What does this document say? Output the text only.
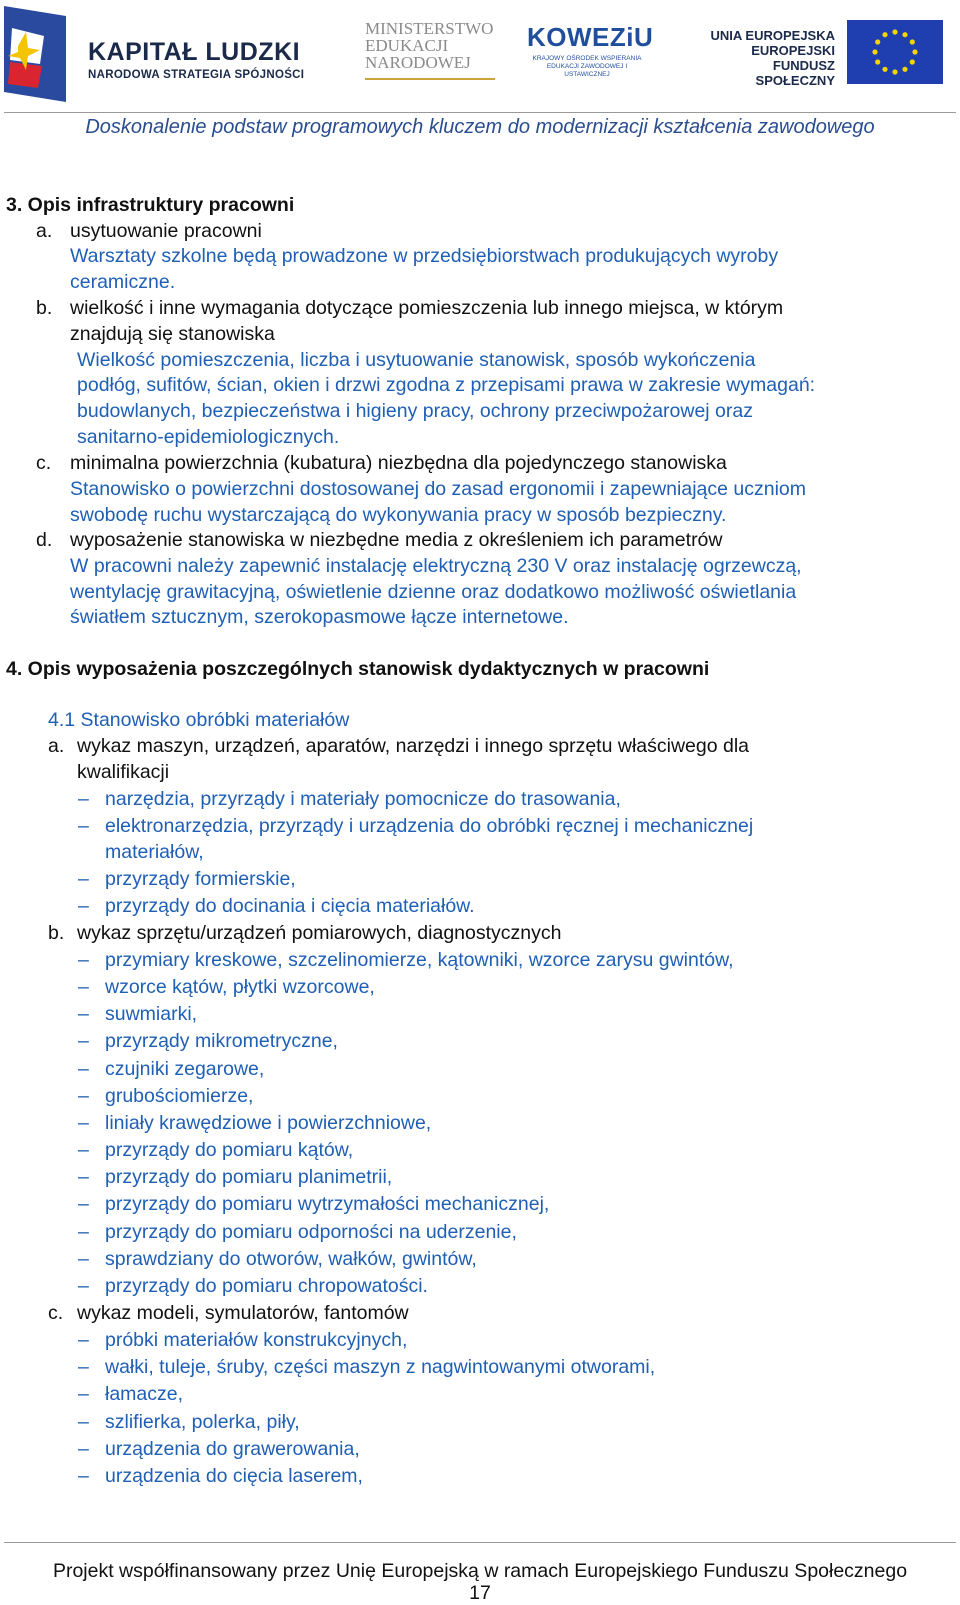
KAPITAŁ LUDZKI
NARODOWA STRATEGIA SPÓJNOŚCI
MINISTERSTWO
EDUKACJI
NARODOWEJ
KOWEZiU
KRAJOWY OŚRODEK WSPIERANIA EDUKACJI ZAWODOWEJ I USTAWICZNEJ
UNIA EUROPEJSKA
EUROPEJSKI
FUNDUSZ SPOŁECZNY
Doskonalenie podstaw programowych kluczem do modernizacji kształcenia zawodowego
3. Opis infrastruktury pracowni
a. usytuowanie pracowni
Warsztaty szkolne będą prowadzone w przedsiębiorstwach produkujących wyroby
ceramiczne.
b. wielkość i inne wymagania dotyczące pomieszczenia lub innego miejsca, w którym
znajdują się stanowiska
Wielkość pomieszczenia, liczba i usytuowanie stanowisk, sposób wykończenia
podłóg, sufitów, ścian, okien i drzwi zgodna z przepisami prawa w zakresie wymagań:
budowlanych, bezpieczeństwa i higieny pracy, ochrony przeciwpożarowej oraz
sanitarno-epidemiologicznych.
c. minimalna powierzchnia (kubatura) niezbędna dla pojedynczego stanowiska
Stanowisko o powierzchni dostosowanej do zasad ergonomii i zapewniające uczniom
swobodę ruchu wystarczającą do wykonywania pracy w sposób bezpieczny.
d. wyposażenie stanowiska w niezbędne media z określeniem ich parametrów
W pracowni należy zapewnić instalację elektryczną 230 V oraz instalację ogrzewczą,
wentylację grawitacyjną, oświetlenie dzienne oraz dodatkowo możliwość oświetlania
światłem sztucznym, szerokopasmowe łącze internetowe.
4. Opis wyposażenia poszczególnych stanowisk dydaktycznych w pracowni
4.1 Stanowisko obróbki materiałów
a. wykaz maszyn, urządzeń, aparatów, narzędzi i innego sprzętu właściwego dla
kwalifikacji
– narzędzia, przyrządy i materiały pomocnicze do trasowania,
– elektronarzędzia, przyrządy i urządzenia do obróbki ręcznej i mechanicznej
materiałów,
– przyrządy formierskie,
– przyrządy do docinania i cięcia materiałów.
b. wykaz sprzętu/urządzeń pomiarowych, diagnostycznych
– przymiary kreskowe, szczelinomierze, kątowniki, wzorce zarysu gwintów,
– wzorce kątów, płytki wzorcowe,
– suwmiarki,
– przyrządy mikrometryczne,
– czujniki zegarowe,
– grubościomierze,
– liniały krawędziowe i powierzchniowe,
– przyrządy do pomiaru kątów,
– przyrządy do pomiaru planimetrii,
– przyrządy do pomiaru wytrzymałości mechanicznej,
– przyrządy do pomiaru odporności na uderzenie,
– sprawdziany do otworów, wałków, gwintów,
– przyrządy do pomiaru chropowatości.
c. wykaz modeli, symulatorów, fantomów
– próbki materiałów konstrukcyjnych,
– wałki, tuleje, śruby, części maszyn z nagwintowanymi otworami,
– łamacze,
– szlifierka, polerka, piły,
– urządzenia do grawerowania,
– urządzenia do cięcia laserem,
Projekt współfinansowany przez Unię Europejską w ramach Europejskiego Funduszu Społecznego
17
